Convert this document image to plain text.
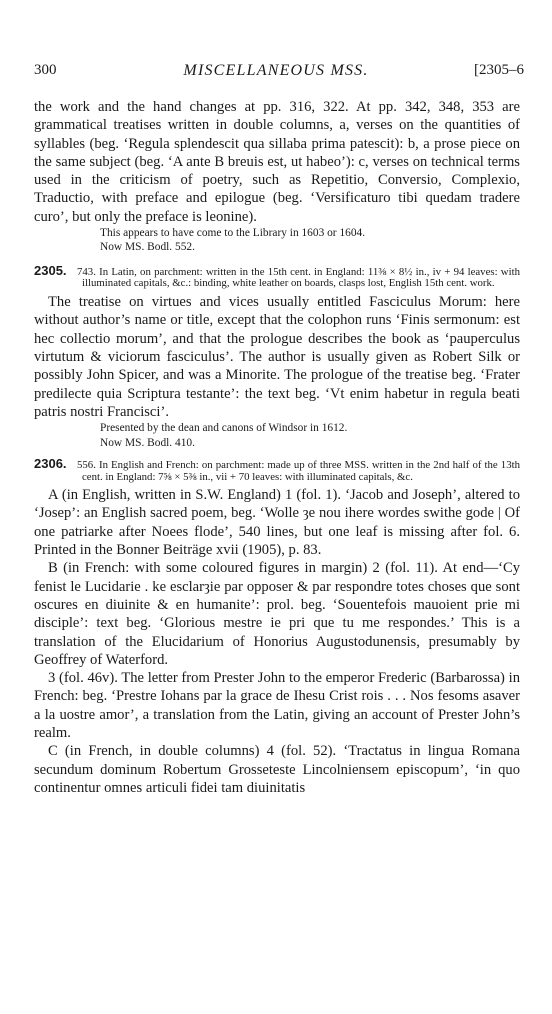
300	MISCELLANEOUS MSS.	[2305–6

the work and the hand changes at pp. 316, 322. At pp. 342, 348, 353 are grammatical treatises written in double columns, a, verses on the quantities of syllables (beg. ‘Regula splendescit qua sillaba prima patescit): b, a prose piece on the same subject (beg. ‘A ante B breuis est, ut habeo’): c, verses on technical terms used in the criticism of poetry, such as Repetitio, Conversio, Complexio, Traductio, with preface and epilogue (beg. ‘Versificaturo tibi quedam tradere curo’, but only the preface is leonine).

This appears to have come to the Library in 1603 or 1604.

Now MS. Bodl. 552.

2305. 743. In Latin, on parchment: written in the 15th cent. in England: 11⅜ × 8½ in., iv + 94 leaves: with illuminated capitals, &c.: binding, white leather on boards, clasps lost, English 15th cent. work.

The treatise on virtues and vices usually entitled Fasciculus Morum: here without author’s name or title, except that the colophon runs ‘Finis sermonum: est hec collectio morum’, and that the prologue describes the book as ‘pauperculus virtutum & viciorum fasciculus’. The author is usually given as Robert Silk or possibly John Spicer, and was a Minorite. The prologue of the treatise beg. ‘Frater predilecte quia Scriptura testante’: the text beg. ‘Vt enim habetur in regula beati patris nostri Francisci’.

Presented by the dean and canons of Windsor in 1612.

Now MS. Bodl. 410.

2306. 556. In English and French: on parchment: made up of three MSS. written in the 2nd half of the 13th cent. in England: 7⅝ × 5⅜ in., vii + 70 leaves: with illuminated capitals, &c.

A (in English, written in S.W. England) 1 (fol. 1). ‘Jacob and Joseph’, altered to ‘Josep’: an English sacred poem, beg. ‘Wolle ȝe nou ihere wordes swithe gode | Of one patriarke after Noees flode’, 540 lines, but one leaf is missing after fol. 6. Printed in the Bonner Beiträge xvii (1905), p. 83.

B (in French: with some coloured figures in margin) 2 (fol. 11). At end—‘Cy fenist le Lucidarie . ke esclarȝie par opposer & par respondre totes choses que sont oscures en diuinite & en humanite’: prol. beg. ‘Souentefois mauoient prie mi disciple’: text beg. ‘Glorious mestre ie pri que tu me respondes.’ This is a translation of the Elucidarium of Honorius Augustodunensis, presumably by Geoffrey of Waterford.

3 (fol. 46v). The letter from Prester John to the emperor Frederic (Barbarossa) in French: beg. ‘Prestre Iohans par la grace de Ihesu Crist rois . . . Nos fesoms asaver a la uostre amor’, a translation from the Latin, giving an account of Prester John’s realm.

C (in French, in double columns) 4 (fol. 52). ‘Tractatus in lingua Romana secundum dominum Robertum Grosseteste Lincolniensem episcopum’, ‘in quo continentur omnes articuli fidei tam diuinitatis
